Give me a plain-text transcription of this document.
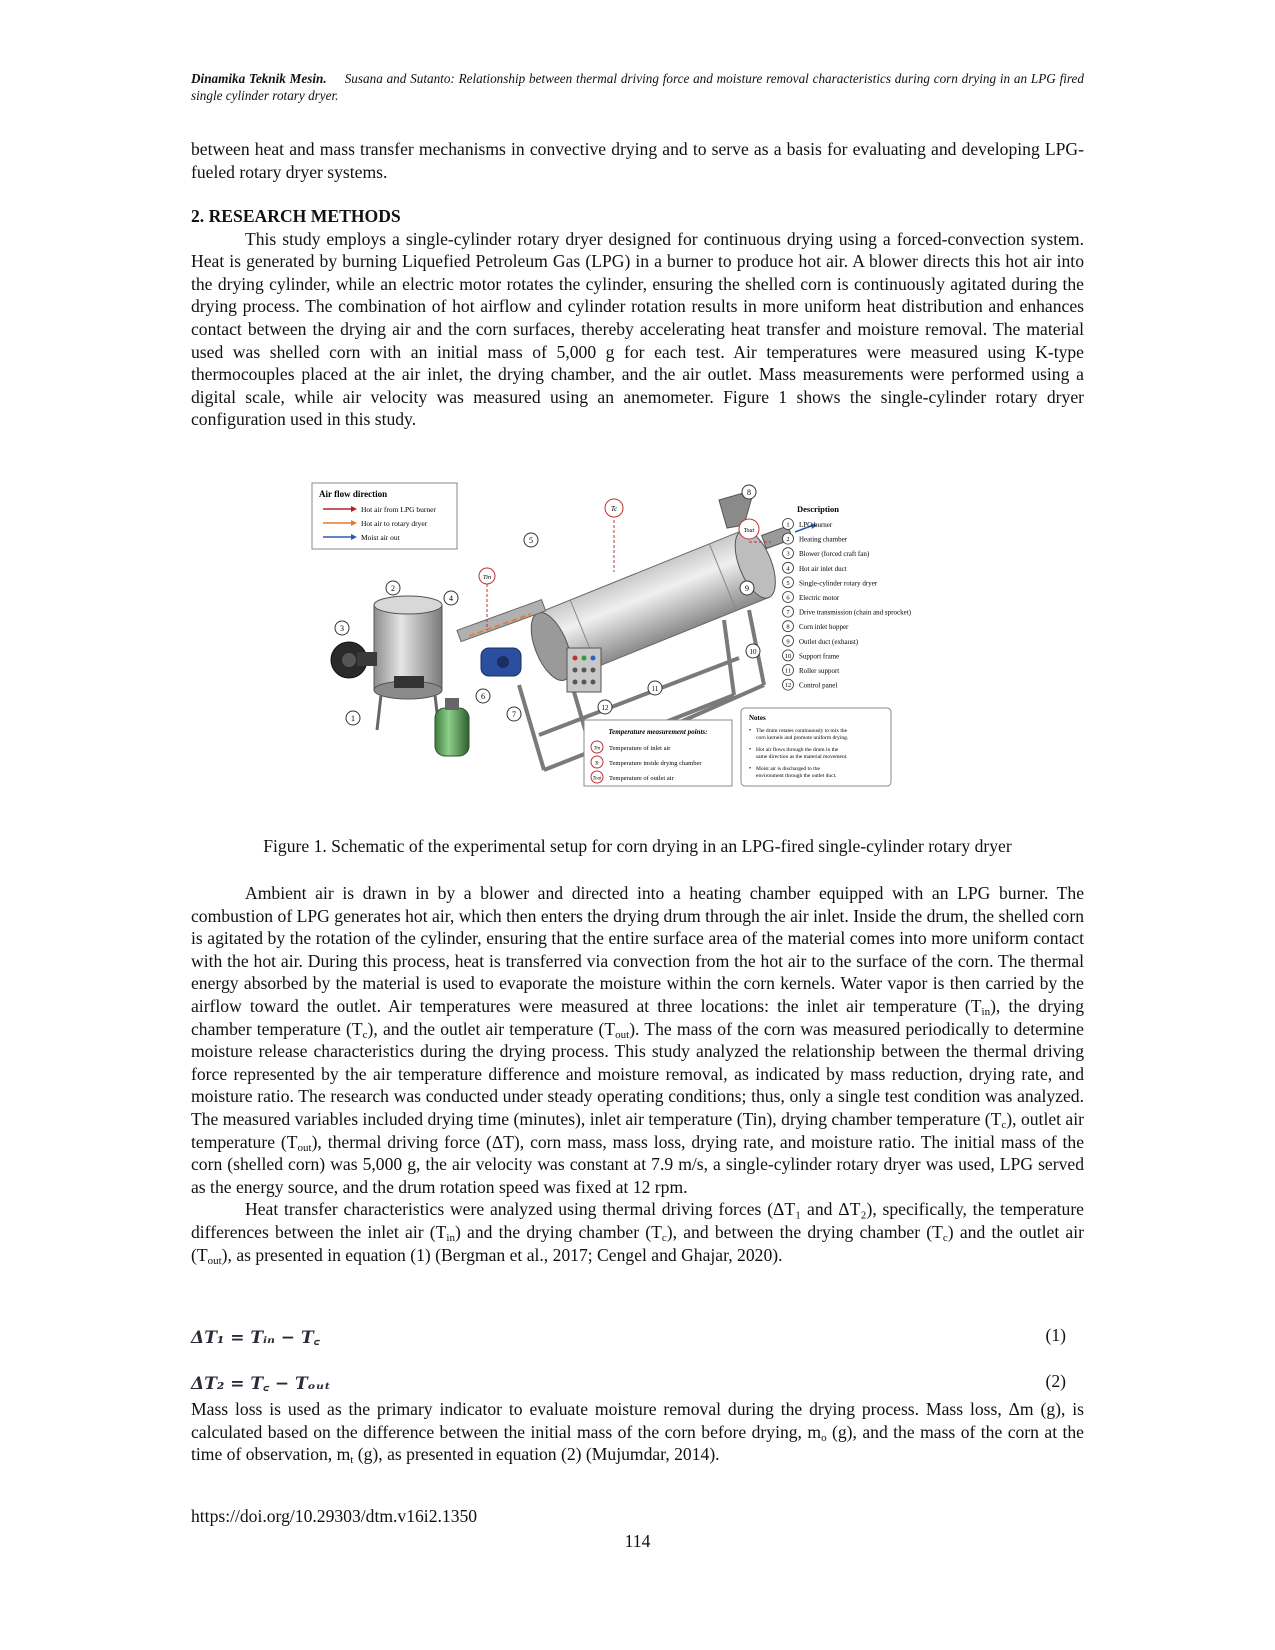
Dinamika Teknik Mesin. Susana and Sutanto: Relationship between thermal driving force and moisture removal characteristics during corn drying in an LPG fired single cylinder rotary dryer.

between heat and mass transfer mechanisms in convective drying and to serve as a basis for evaluating and developing LPG-fueled rotary dryer systems.

2. RESEARCH METHODS

This study employs a single-cylinder rotary dryer designed for continuous drying using a forced-convection system. Heat is generated by burning Liquefied Petroleum Gas (LPG) in a burner to produce hot air. A blower directs this hot air into the drying cylinder, while an electric motor rotates the cylinder, ensuring the shelled corn is continuously agitated during the drying process. The combination of hot airflow and cylinder rotation results in more uniform heat distribution and enhances contact between the drying air and the corn surfaces, thereby accelerating heat transfer and moisture removal. The material used was shelled corn with an initial mass of 5,000 g for each test. Air temperatures were measured using K-type thermocouples placed at the air inlet, the drying chamber, and the air outlet. Mass measurements were performed using a digital scale, while air velocity was measured using an anemometer. Figure 1 shows the single-cylinder rotary dryer configuration used in this study.

Air flow direction
Hot air from LPG burner
Hot air to rotary dryer
Moist air out
Tin
Tc
Tout
1
2
3
4
5
6
7
8
9
10
11
12
Description
1 LPG burner
2 Heating chamber
3 Blower (forced craft fan)
4 Hot air inlet duct
5 Single-cylinder rotary dryer
6 Electric motor
7 Drive transmission (chain and sprocket)
8 Corn inlet hopper
9 Outlet duct (exhaust)
10 Support frame
11 Roller support
12 Control panel
Temperature measurement points:
Tin Temperature of inlet air
Tc Temperature inside drying chamber
Tout Temperature of outlet air
Notes
• The drum rotates continuously to mix the
corn kernels and promote uniform drying.
• Hot air flows through the drum in the
same direction as the material movement.
• Moist air is discharged to the
environment through the outlet duct.
Figure 1. Schematic of the experimental setup for corn drying in an LPG-fired single-cylinder rotary dryer

Ambient air is drawn in by a blower and directed into a heating chamber equipped with an LPG burner. The combustion of LPG generates hot air, which then enters the drying drum through the air inlet. Inside the drum, the shelled corn is agitated by the rotation of the cylinder, ensuring that the entire surface area of the material comes into more uniform contact with the hot air. During this process, heat is transferred via convection from the hot air to the surface of the corn. The thermal energy absorbed by the material is used to evaporate the moisture within the corn kernels. Water vapor is then carried by the airflow toward the outlet. Air temperatures were measured at three locations: the inlet air temperature $(T_{in})$, the drying chamber temperature $(T_c)$, and the outlet air temperature $(T_{out})$. The mass of the corn was measured periodically to determine moisture release characteristics during the drying process. This study analyzed the relationship between the thermal driving force represented by the air temperature difference and moisture removal, as indicated by mass reduction, drying rate, and moisture ratio. The research was conducted under steady operating conditions; thus, only a single test condition was analyzed. The measured variables included drying time (minutes), inlet air temperature (Tin), drying chamber temperature $(T_c)$, outlet air temperature $(T_{out})$, thermal driving force (ΔT), corn mass, mass loss, drying rate, and moisture ratio. The initial mass of the corn (shelled corn) was 5,000 g, the air velocity was constant at 7.9 m/s, a single-cylinder rotary dryer was used, LPG served as the energy source, and the drum rotation speed was fixed at 12 rpm.

Heat transfer characteristics were analyzed using thermal driving forces (ΔT₁ and ΔT₂), specifically, the temperature differences between the inlet air $(T_{in})$ and the drying chamber $(T_c)$, and between the drying chamber $(T_c)$ and the outlet air $(T_{out})$, as presented in equation (1) (Bergman et al., 2017; Cengel and Ghajar, 2020).

ΔT₁ = Tᵢₙ − T꜀	(1)
ΔT₂ = T꜀ − Tₒᵤₜ	(2)

Mass loss is used as the primary indicator to evaluate moisture removal during the drying process. Mass loss, Δm (g), is calculated based on the difference between the initial mass of the corn before drying, $m_o$ (g), and the mass of the corn at the time of observation, $m_t$ (g), as presented in equation (2) (Mujumdar, 2014).

https://doi.org/10.29303/dtm.v16i2.1350
114
